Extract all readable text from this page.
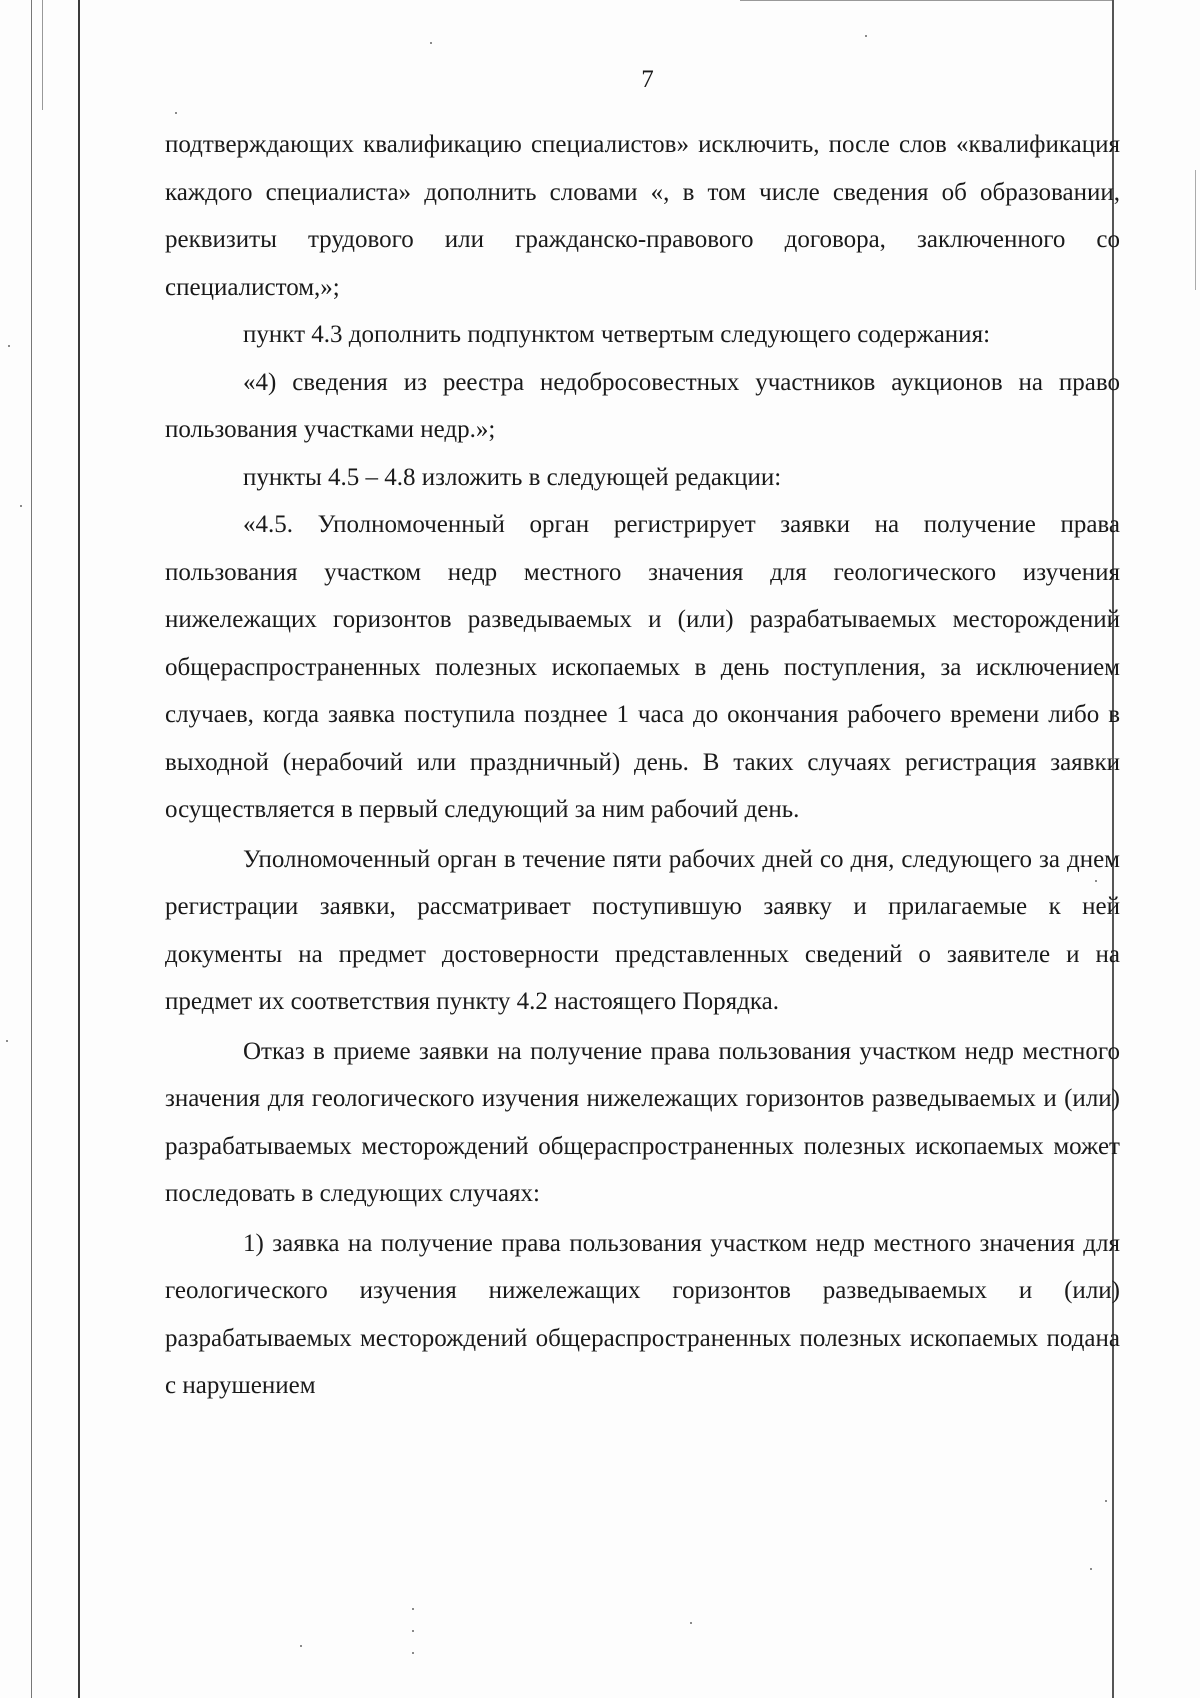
7

подтверждающих квалификацию специалистов» исключить, после слов «квалификация каждого специалиста» дополнить словами «, в том числе сведения об образовании, реквизиты трудового или гражданско-правового договора, заключенного со специалистом,»;

пункт 4.3 дополнить подпунктом четвертым следующего содержания:

«4) сведения из реестра недобросовестных участников аукционов на право пользования участками недр.»;

пункты 4.5 – 4.8 изложить в следующей редакции:

«4.5. Уполномоченный орган регистрирует заявки на получение права пользования участком недр местного значения для геологического изучения нижележащих горизонтов разведываемых и (или) разрабатываемых месторождений общераспространенных полезных ископаемых в день поступления, за исключением случаев, когда заявка поступила позднее 1 часа до окончания рабочего времени либо в выходной (нерабочий или праздничный) день. В таких случаях регистрация заявки осуществляется в первый следующий за ним рабочий день.

Уполномоченный орган в течение пяти рабочих дней со дня, следующего за днем регистрации заявки, рассматривает поступившую заявку и прилагаемые к ней документы на предмет достоверности представленных сведений о заявителе и на предмет их соответствия пункту 4.2 настоящего Порядка.

Отказ в приеме заявки на получение права пользования участком недр местного значения для геологического изучения нижележащих горизонтов разведываемых и (или) разрабатываемых месторождений общераспространенных полезных ископаемых может последовать в следующих случаях:

1) заявка на получение права пользования участком недр местного значения для геологического изучения нижележащих горизонтов разведываемых и (или) разрабатываемых месторождений общераспространенных полезных ископаемых подана с нарушением
